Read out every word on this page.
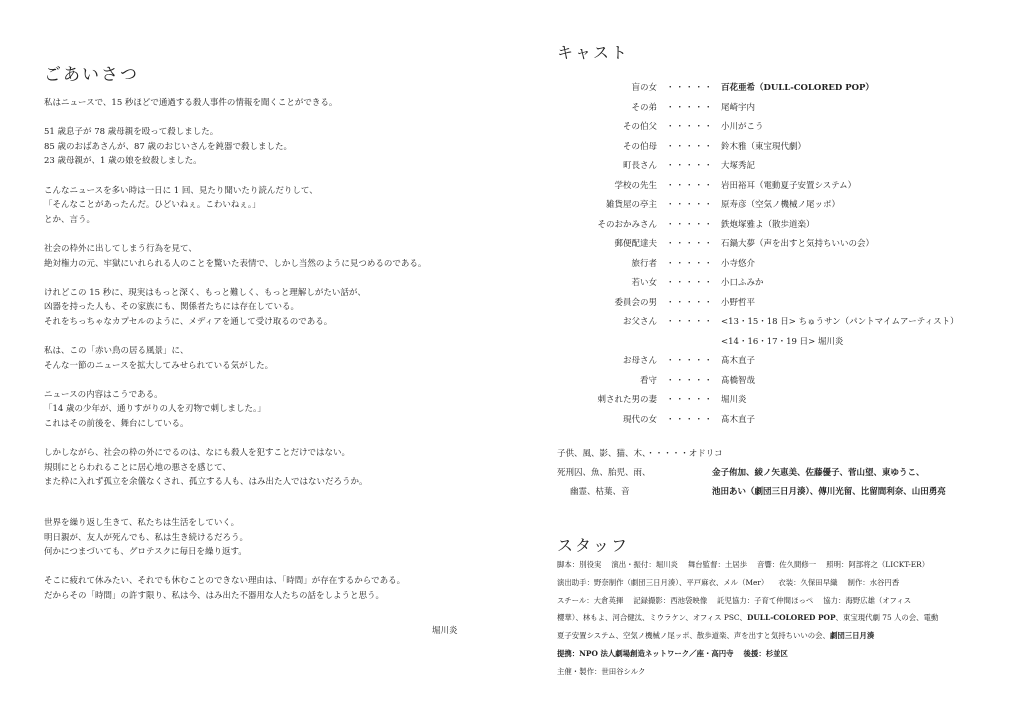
ごあいさつ
私はニュースで、15 秒ほどで通過する殺人事件の情報を聞くことができる。
51 歳息子が 78 歳母親を殴って殺しました。
85 歳のおばあさんが、87 歳のおじいさんを鈍器で殺しました。
23 歳母親が、1 歳の娘を絞殺しました。
こんなニュースを多い時は一日に 1 回、見たり聞いたり読んだりして、
「そんなことがあったんだ。ひどいねぇ。こわいねぇ。」
とか、言う。
社会の枠外に出してしまう行為を見て、
絶対権力の元、牢獄にいれられる人のことを驚いた表情で、しかし当然のように見つめるのである。
けれどこの 15 秒に、現実はもっと深く、もっと難しく、もっと理解しがたい話が、
凶器を持った人も、その家族にも、関係者たちには存在している。
それをちっちゃなカプセルのように、メディアを通して受け取るのである。
私は、この「赤い鳥の居る風景」に、
そんな一節のニュースを拡大してみせられている気がした。
ニュースの内容はこうである。
「14 歳の少年が、通りすがりの人を刃物で刺しました。」
これはその前後を、舞台にしている。
しかしながら、社会の枠の外にでるのは、なにも殺人を犯すことだけではない。
規則にとらわれることに居心地の悪さを感じて、
また枠に入れず孤立を余儀なくされ、孤立する人も、はみ出た人ではないだろうか。
世界を繰り返し生きて、私たちは生活をしていく。
明日親が、友人が死んでも、私は生き続けるだろう。
何かにつまづいても、グロテスクに毎日を繰り返す。
そこに疲れて休みたい、それでも休むことのできない理由は、「時間」が存在するからである。
だからその「時間」の許す限り、私は今、はみ出た不器用な人たちの話をしようと思う。
堀川炎
キャスト
盲の女 ・・・・・ 百花亜希（DULL-COLORED POP）
その弟 ・・・・・ 尾崎宇内
その伯父 ・・・・・ 小川がこう
その伯母 ・・・・・ 鈴木雅（東宝現代劇）
町長さん ・・・・・ 大塚秀記
学校の先生 ・・・・・ 岩田裕耳（電動夏子安置システム）
雑貨屋の亭主 ・・・・・ 原寿彦（空気ノ機械ノ尾ッポ）
そのおかみさん ・・・・・ 鉄炮塚雅よ（散歩道楽）
郵便配達夫 ・・・・・ 石鍋大夢（声を出すと気持ちいいの会）
旅行者 ・・・・・ 小寺悠介
若い女 ・・・・・ 小口ふみか
委員会の男 ・・・・・ 小野哲平
お父さん ・・・・・ <13・15・18 日> ちゅうサン（パントマイムアーティスト）
<14・16・17・19 日> 堀川炎
お母さん ・・・・・ 髙木直子
看守 ・・・・・ 髙橋智哉
刺された男の妻 ・・・・・ 堀川炎
現代の女 ・・・・・ 髙木直子
子供、風、影、猫、木、・・・・・オドリコ
死刑囚、魚、胎児、雨、	金子侑加、綾ノ矢恵美、佐藤優子、菅山望、東ゆうこ、
幽霊、枯葉、音	池田あい（劇団三日月湊）、傳川光留、比留間利奈、山田勇亮
スタッフ
脚本：別役実 演出・振付：堀川炎 舞台監督：土居歩 音響：佐久間修一 照明：阿部将之（LICKT-ER）
演出助手：野奈制作（劇団三日月湊）、平戸麻衣、メル（Mer） 衣装：久保田早織 制作：水谷円香
スチール：大倉英揮 記録撮影：西池袋映像 託児協力：子育て仲間ほっぺ 協力：海野広雄（オフィス
櫻華）、林もよ、河合健汰、ミウラケン、オフィス PSC、DULL-COLORED POP、東宝現代劇 75 人の会、電動
夏子安置システム、空気ノ機械ノ尾ッポ、散歩道楽、声を出すと気持ちいいの会、劇団三日月湊
提携：NPO 法人劇場創造ネットワーク／座・高円寺 後援：杉並区
主催・製作：世田谷シルク
